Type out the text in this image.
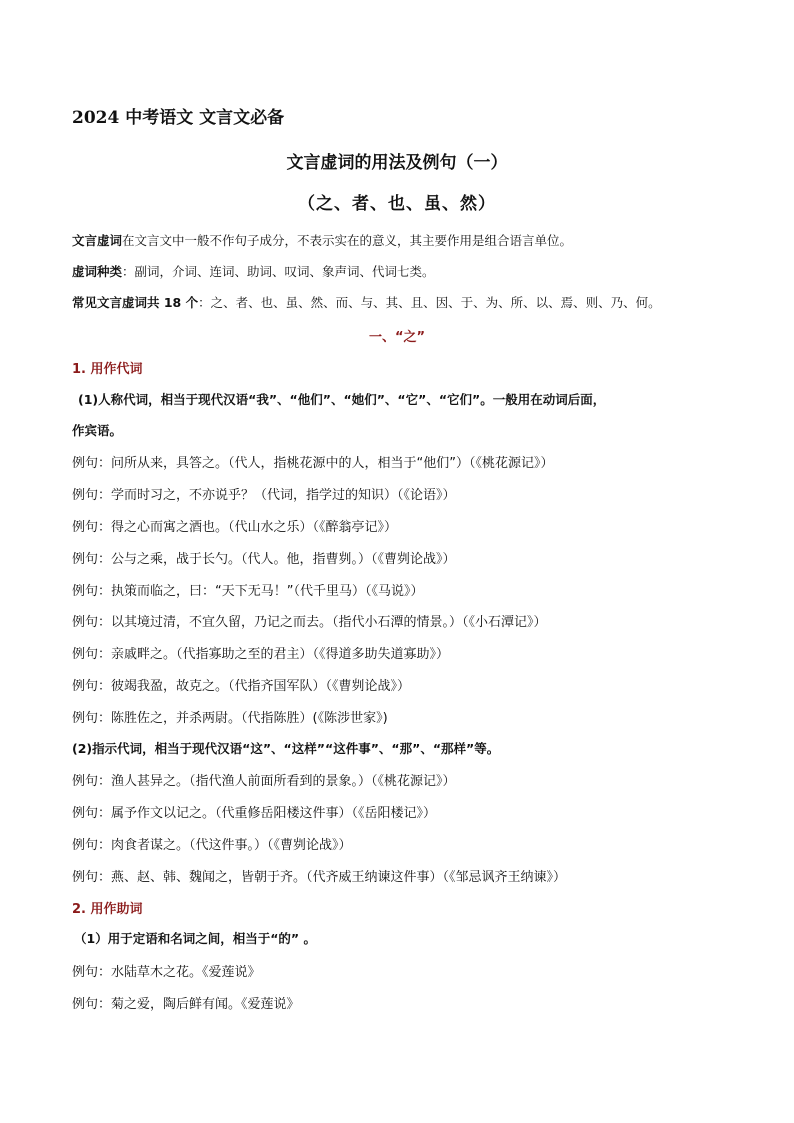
2024 中考语文 文言文必备
文言虚词的用法及例句（一）
（之、者、也、虽、然）
文言虚词在文言文中一般不作句子成分，不表示实在的意义，其主要作用是组合语言单位。
虚词种类：副词，介词、连词、助词、叹词、象声词、代词七类。
常见文言虚词共 18 个：之、者、也、虽、然、而、与、其、且、因、于、为、所、以、焉、则、乃、何。
一、“之”
1. 用作代词
(1)人称代词，相当于现代汉语“我”、“他们”、“她们”、“它”、“它们”。一般用在动词后面，
作宾语。
例句：问所从来，具答之。（代人，指桃花源中的人，相当于“他们”）（《桃花源记》）
例句：学而时习之，不亦说乎？（代词，指学过的知识）（《论语》）
例句：得之心而寓之酒也。（代山水之乐）（《醉翁亭记》）
例句：公与之乘，战于长勺。（代人。他，指曹刿。）（《曹刿论战》）
例句：执策而临之，曰：“天下无马！”（代千里马）（《马说》）
例句：以其境过清，不宜久留，乃记之而去。（指代小石潭的情景。）（《小石潭记》）
例句：亲戚畔之。（代指寡助之至的君主）（《得道多助失道寡助》）
例句：彼竭我盈，故克之。（代指齐国军队）（《曹刿论战》）
例句：陈胜佐之，并杀两尉。（代指陈胜）(《陈涉世家》)
(2)指示代词，相当于现代汉语“这”、“这样”“这件事”、“那”、“那样”等。
例句：渔人甚异之。（指代渔人前面所看到的景象。）（《桃花源记》）
例句：属予作文以记之。（代重修岳阳楼这件事）（《岳阳楼记》）
例句：肉食者谋之。（代这件事。）（《曹刿论战》）
例句：燕、赵、韩、魏闻之，皆朝于齐。（代齐威王纳谏这件事）（《邹忌讽齐王纳谏》）
2. 用作助词
（1）用于定语和名词之间，相当于“的” 。
例句：水陆草木之花。《爱莲说》
例句：菊之爱，陶后鲜有闻。《爱莲说》
